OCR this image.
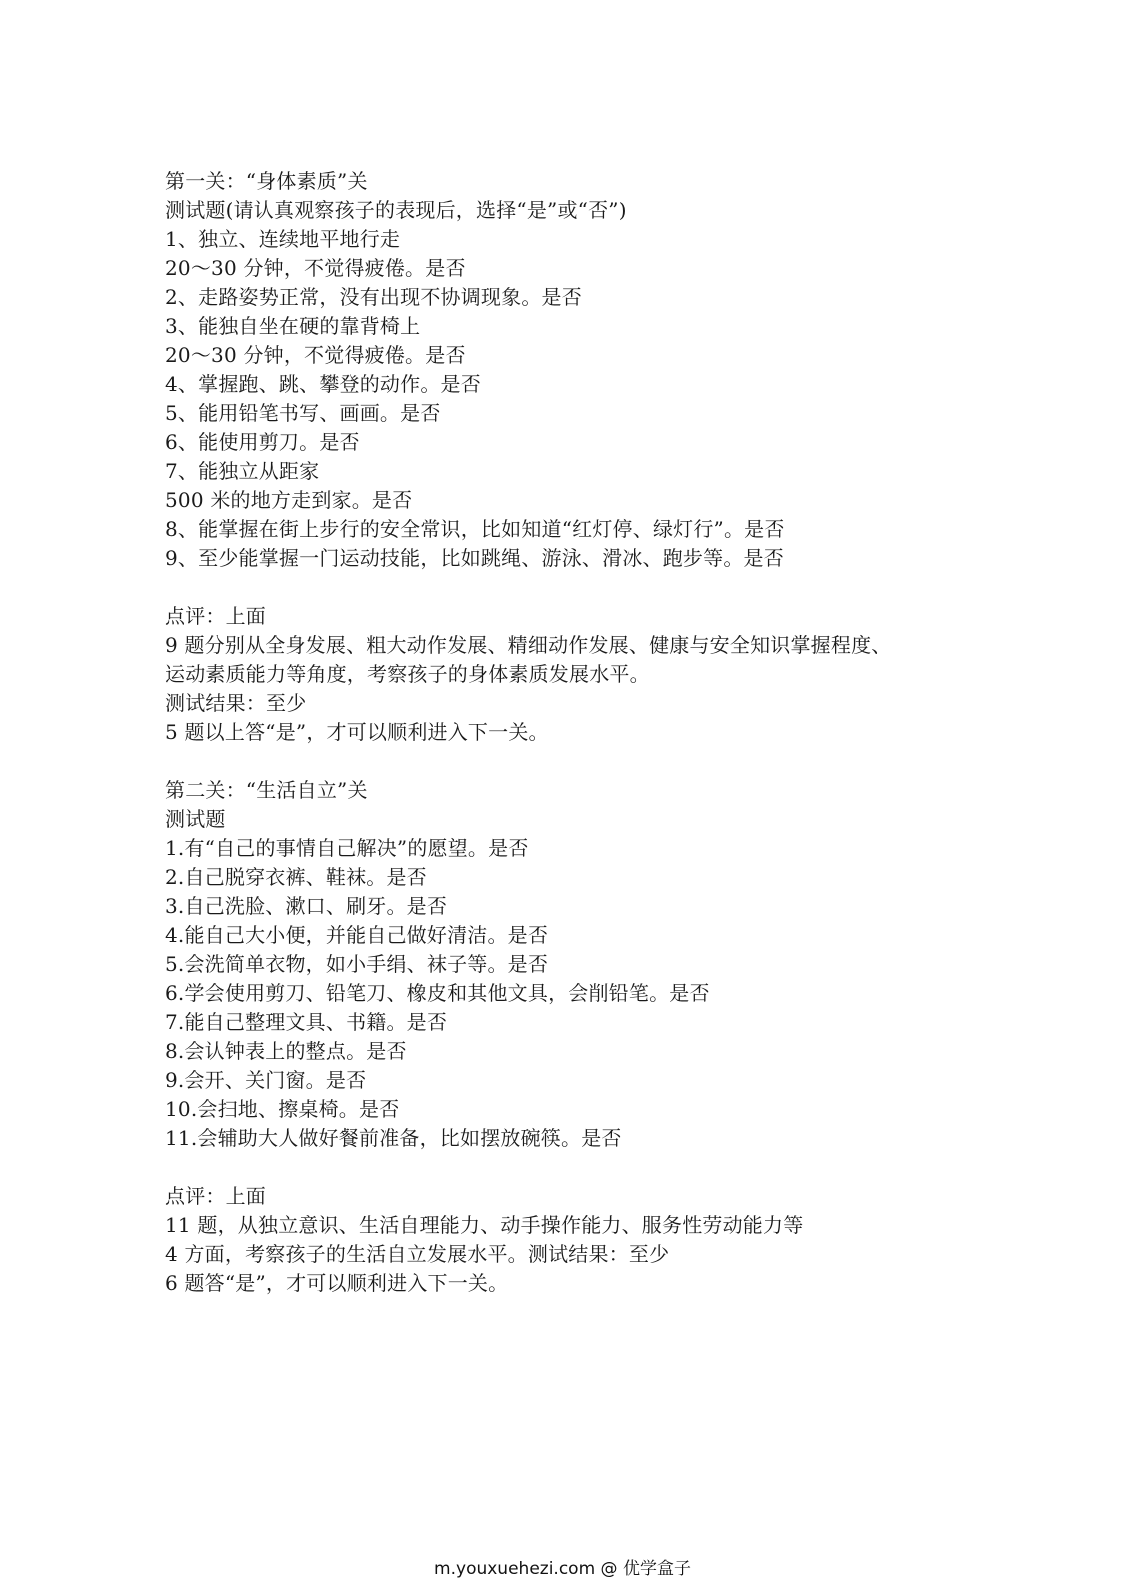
第一关：“身体素质”关
测试题(请认真观察孩子的表现后，选择“是”或“否”)
1、独立、连续地平地行走
20～30 分钟，不觉得疲倦。是否
2、走路姿势正常，没有出现不协调现象。是否
3、能独自坐在硬的靠背椅上
20～30 分钟，不觉得疲倦。是否
4、掌握跑、跳、攀登的动作。是否
5、能用铅笔书写、画画。是否
6、能使用剪刀。是否
7、能独立从距家
500 米的地方走到家。是否
8、能掌握在街上步行的安全常识，比如知道“红灯停、绿灯行”。是否
9、至少能掌握一门运动技能，比如跳绳、游泳、滑冰、跑步等。是否
点评：上面
9 题分别从全身发展、粗大动作发展、精细动作发展、健康与安全知识掌握程度、
运动素质能力等角度，考察孩子的身体素质发展水平。
测试结果：至少
5 题以上答“是”，才可以顺利进入下一关。
第二关：“生活自立”关
测试题
1.有“自己的事情自己解决”的愿望。是否
2.自己脱穿衣裤、鞋袜。是否
3.自己洗脸、漱口、刷牙。是否
4.能自己大小便，并能自己做好清洁。是否
5.会洗简单衣物，如小手绢、袜子等。是否
6.学会使用剪刀、铅笔刀、橡皮和其他文具，会削铅笔。是否
7.能自己整理文具、书籍。是否
8.会认钟表上的整点。是否
9.会开、关门窗。是否
10.会扫地、擦桌椅。是否
11.会辅助大人做好餐前准备，比如摆放碗筷。是否
点评：上面
11 题，从独立意识、生活自理能力、动手操作能力、服务性劳动能力等
4 方面，考察孩子的生活自立发展水平。测试结果：至少
6 题答“是”，才可以顺利进入下一关。
m.youxuehezi.com @ 优学盒子
